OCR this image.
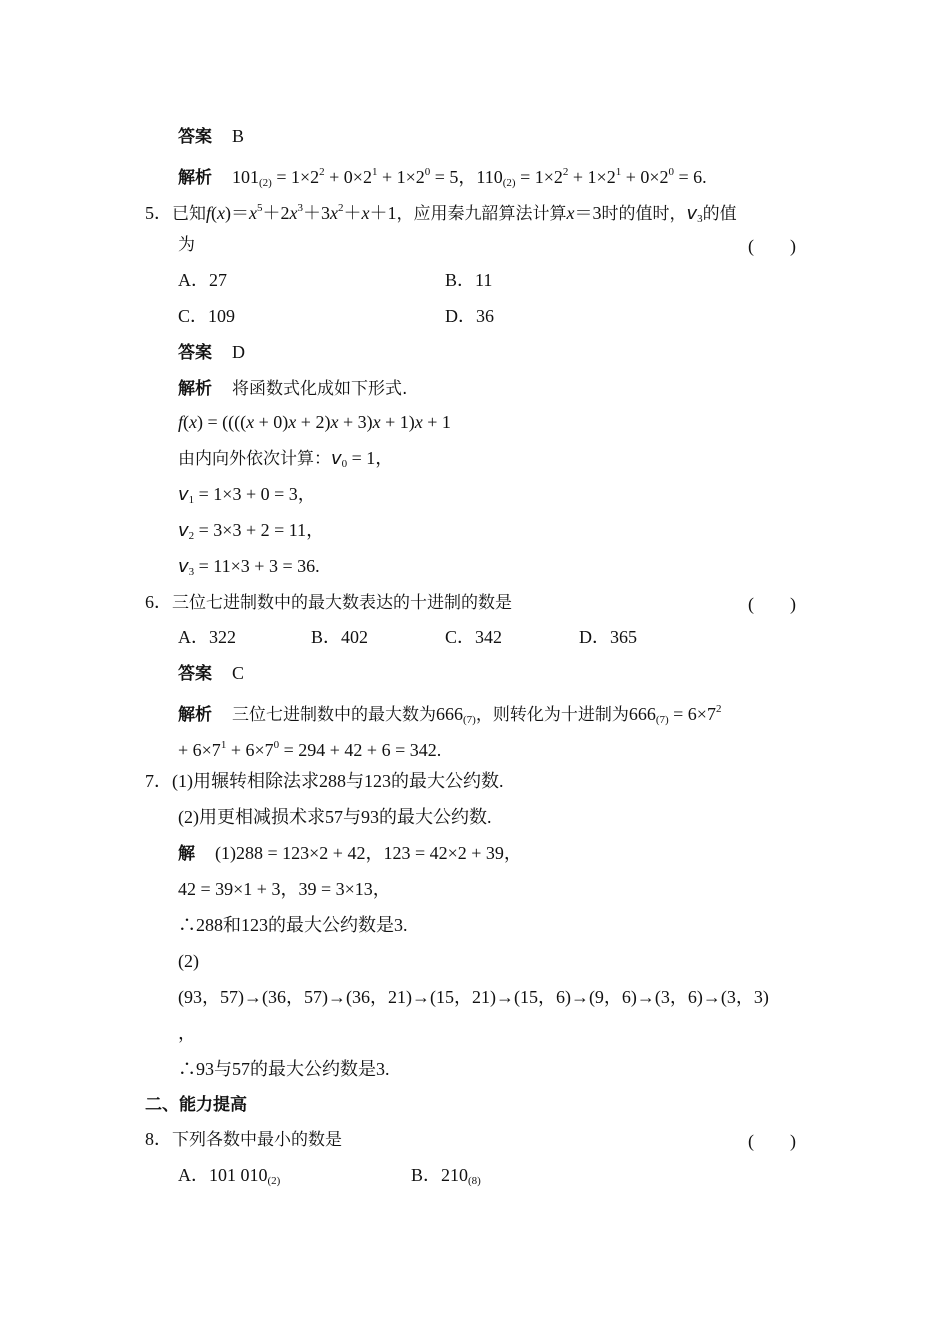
答案 B
解析 $101_{(2)} = 1\times 2^2 + 0\times 2^1 + 1\times 2^0 = 5$，$110_{(2)} = 1\times 2^2 + 1\times 2^1 + 0\times 2^0 = 6$.
5．已知$f(x)=x^5+2x^3+3x^2+x+1$，应用秦九韶算法计算x＝3时的值时，$v_3$的值
为	(　　)
A．27	B．11
C．109	D．36
答案 D
解析 将函数式化成如下形式.
f(x) = ((((x + 0)x + 2)x + 3)x + 1)x + 1
由内向外依次计算：$v_0 = 1$，
$v_1 = 1\times 3 + 0 = 3$，
$v_2 = 3\times 3 + 2 = 11$，
$v_3 = 11\times 3 + 3 = 36$.
6．三位七进制数中的最大数表达的十进制的数是	(　　)
A．322	B．402	C．342	D．365
答案 C
解析 三位七进制数中的最大数为$666_{(7)}$，则转化为十进制为$666_{(7)} = 6\times 7^2$
+ $6\times 7^1 + 6\times 7^0 = 294 + 42 + 6 = 342$.
7．(1)用辗转相除法求288与123的最大公约数.
(2)用更相减损术求57与93的最大公约数.
解 (1)288 = 123×2 + 42，123 = 42×2 + 39，
42 = 39×1 + 3，39 = 3×13，
∴288和123的最大公约数是3.
(2)
(93，57)→(36，57)→(36，21)→(15，21)→(15，6)→(9，6)→(3，6)→(3，3)
，
∴93与57的最大公约数是3.
二、能力提高
8．下列各数中最小的数是	(　　)
A．101 $010_{(2)}$	B．$210_{(8)}$
